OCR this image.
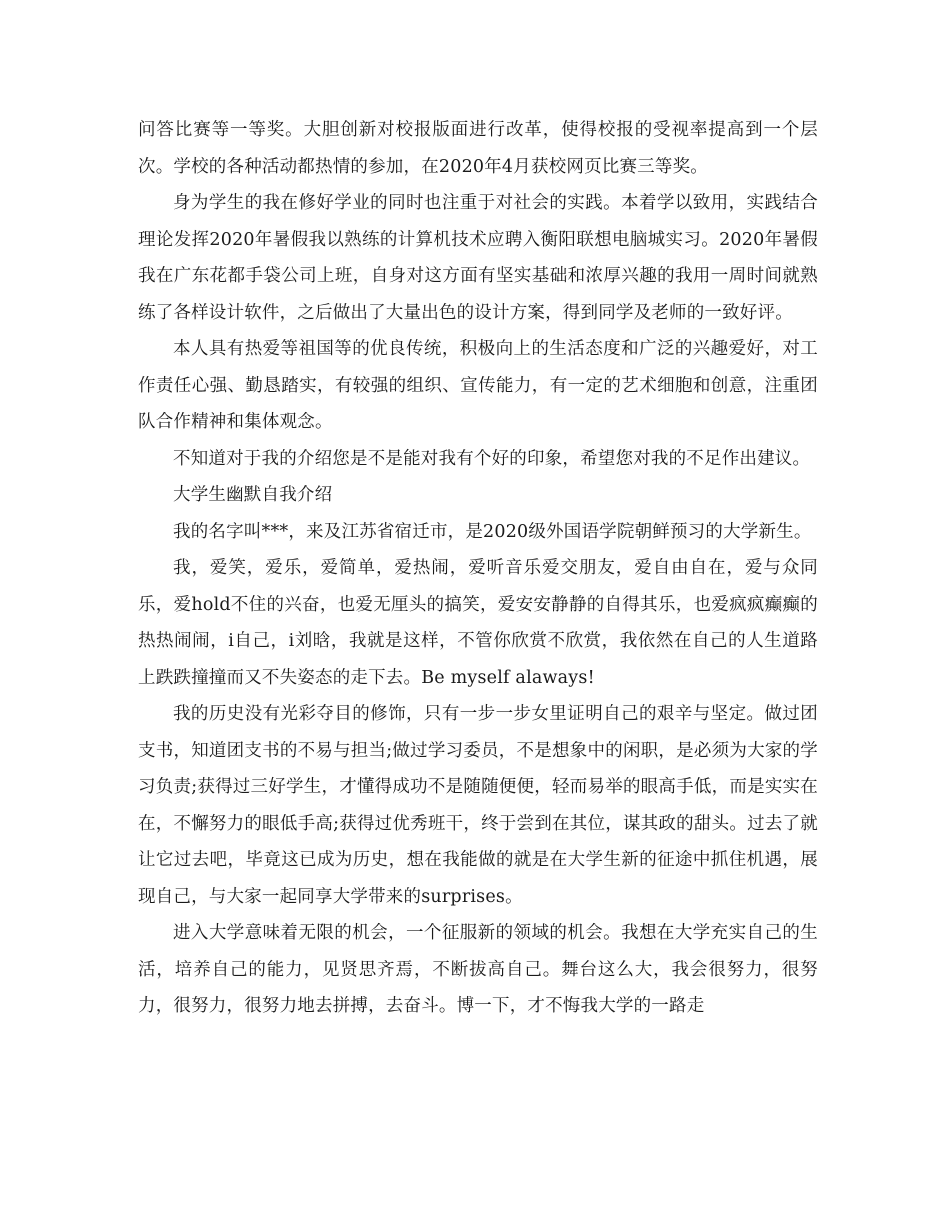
问答比赛等一等奖。大胆创新对校报版面进行改革，使得校报的受视率提高到一个层次。学校的各种活动都热情的参加，在2020年4月获校网页比赛三等奖。

身为学生的我在修好学业的同时也注重于对社会的实践。本着学以致用，实践结合理论发挥2020年暑假我以熟练的计算机技术应聘入衡阳联想电脑城实习。2020年暑假我在广东花都手袋公司上班，自身对这方面有坚实基础和浓厚兴趣的我用一周时间就熟练了各样设计软件，之后做出了大量出色的设计方案，得到同学及老师的一致好评。

本人具有热爱等祖国等的优良传统，积极向上的生活态度和广泛的兴趣爱好，对工作责任心强、勤恳踏实，有较强的组织、宣传能力，有一定的艺术细胞和创意，注重团队合作精神和集体观念。

不知道对于我的介绍您是不是能对我有个好的印象，希望您对我的不足作出建议。

大学生幽默自我介绍

我的名字叫***，来及江苏省宿迁市，是2020级外国语学院朝鲜预习的大学新生。

我，爱笑，爱乐，爱简单，爱热闹，爱听音乐爱交朋友，爱自由自在，爱与众同乐，爱hold不住的兴奋，也爱无厘头的搞笑，爱安安静静的自得其乐，也爱疯疯癫癫的热热闹闹，i自己，i刘晗，我就是这样，不管你欣赏不欣赏，我依然在自己的人生道路上跌跌撞撞而又不失姿态的走下去。Be myself alaways!

我的历史没有光彩夺目的修饰，只有一步一步女里证明自己的艰辛与坚定。做过团支书，知道团支书的不易与担当;做过学习委员，不是想象中的闲职，是必须为大家的学习负责;获得过三好学生，才懂得成功不是随随便便，轻而易举的眼高手低，而是实实在在，不懈努力的眼低手高;获得过优秀班干，终于尝到在其位，谋其政的甜头。过去了就让它过去吧，毕竟这已成为历史，想在我能做的就是在大学生新的征途中抓住机遇，展现自己，与大家一起同享大学带来的surprises。

进入大学意味着无限的机会，一个征服新的领域的机会。我想在大学充实自己的生活，培养自己的能力，见贤思齐焉，不断拔高自己。舞台这么大，我会很努力，很努力，很努力，很努力地去拼搏，去奋斗。博一下，才不悔我大学的一路走
